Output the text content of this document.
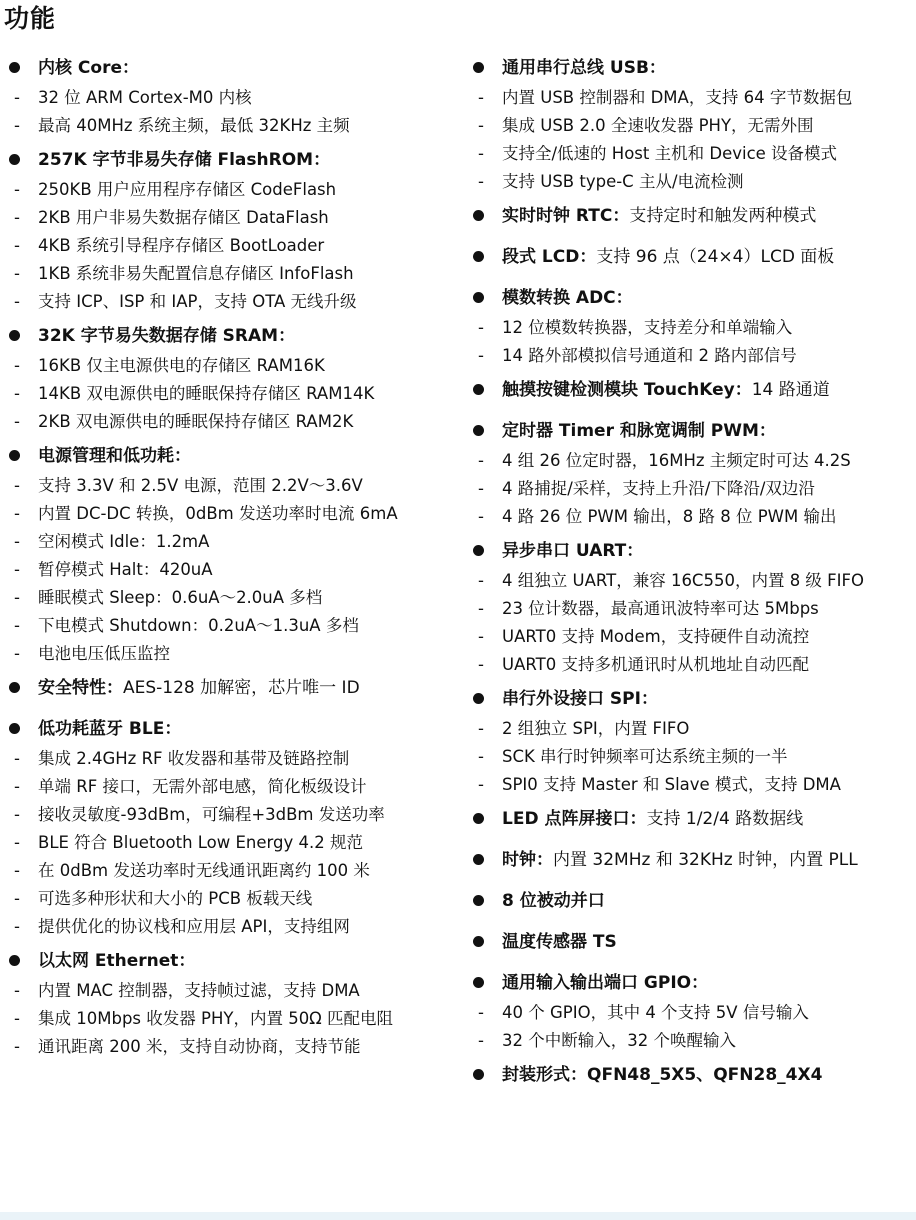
功能
内核 Core：
- 32 位 ARM Cortex-M0 内核
- 最高 40MHz 系统主频，最低 32KHz 主频
257K 字节非易失存储 FlashROM：
- 250KB 用户应用程序存储区 CodeFlash
- 2KB 用户非易失数据存储区 DataFlash
- 4KB 系统引导程序存储区 BootLoader
- 1KB 系统非易失配置信息存储区 InfoFlash
- 支持 ICP、ISP 和 IAP，支持 OTA 无线升级
32K 字节易失数据存储 SRAM：
- 16KB 仅主电源供电的存储区 RAM16K
- 14KB 双电源供电的睡眠保持存储区 RAM14K
- 2KB 双电源供电的睡眠保持存储区 RAM2K
电源管理和低功耗：
- 支持 3.3V 和 2.5V 电源，范围 2.2V～3.6V
- 内置 DC-DC 转换，0dBm 发送功率时电流 6mA
- 空闲模式 Idle：1.2mA
- 暂停模式 Halt：420uA
- 睡眠模式 Sleep：0.6uA～2.0uA 多档
- 下电模式 Shutdown：0.2uA～1.3uA 多档
- 电池电压低压监控
安全特性：AES-128 加解密，芯片唯一 ID
低功耗蓝牙 BLE：
- 集成 2.4GHz RF 收发器和基带及链路控制
- 单端 RF 接口，无需外部电感，简化板级设计
- 接收灵敏度-93dBm，可编程+3dBm 发送功率
- BLE 符合 Bluetooth Low Energy 4.2 规范
- 在 0dBm 发送功率时无线通讯距离约 100 米
- 可选多种形状和大小的 PCB 板载天线
- 提供优化的协议栈和应用层 API，支持组网
以太网 Ethernet：
- 内置 MAC 控制器，支持帧过滤，支持 DMA
- 集成 10Mbps 收发器 PHY，内置 50Ω 匹配电阻
- 通讯距离 200 米，支持自动协商，支持节能
通用串行总线 USB：
- 内置 USB 控制器和 DMA，支持 64 字节数据包
- 集成 USB 2.0 全速收发器 PHY，无需外围
- 支持全/低速的 Host 主机和 Device 设备模式
- 支持 USB type-C 主从/电流检测
实时时钟 RTC：支持定时和触发两种模式
段式 LCD：支持 96 点（24×4）LCD 面板
模数转换 ADC：
- 12 位模数转换器，支持差分和单端输入
- 14 路外部模拟信号通道和 2 路内部信号
触摸按键检测模块 TouchKey：14 路通道
定时器 Timer 和脉宽调制 PWM：
- 4 组 26 位定时器，16MHz 主频定时可达 4.2S
- 4 路捕捉/采样，支持上升沿/下降沿/双边沿
- 4 路 26 位 PWM 输出，8 路 8 位 PWM 输出
异步串口 UART：
- 4 组独立 UART，兼容 16C550，内置 8 级 FIFO
- 23 位计数器，最高通讯波特率可达 5Mbps
- UART0 支持 Modem，支持硬件自动流控
- UART0 支持多机通讯时从机地址自动匹配
串行外设接口 SPI：
- 2 组独立 SPI，内置 FIFO
- SCK 串行时钟频率可达系统主频的一半
- SPI0 支持 Master 和 Slave 模式，支持 DMA
LED 点阵屏接口：支持 1/2/4 路数据线
时钟：内置 32MHz 和 32KHz 时钟，内置 PLL
8 位被动并口
温度传感器 TS
通用输入输出端口 GPIO：
- 40 个 GPIO，其中 4 个支持 5V 信号输入
- 32 个中断输入，32 个唤醒输入
封装形式：QFN48_5X5、QFN28_4X4
